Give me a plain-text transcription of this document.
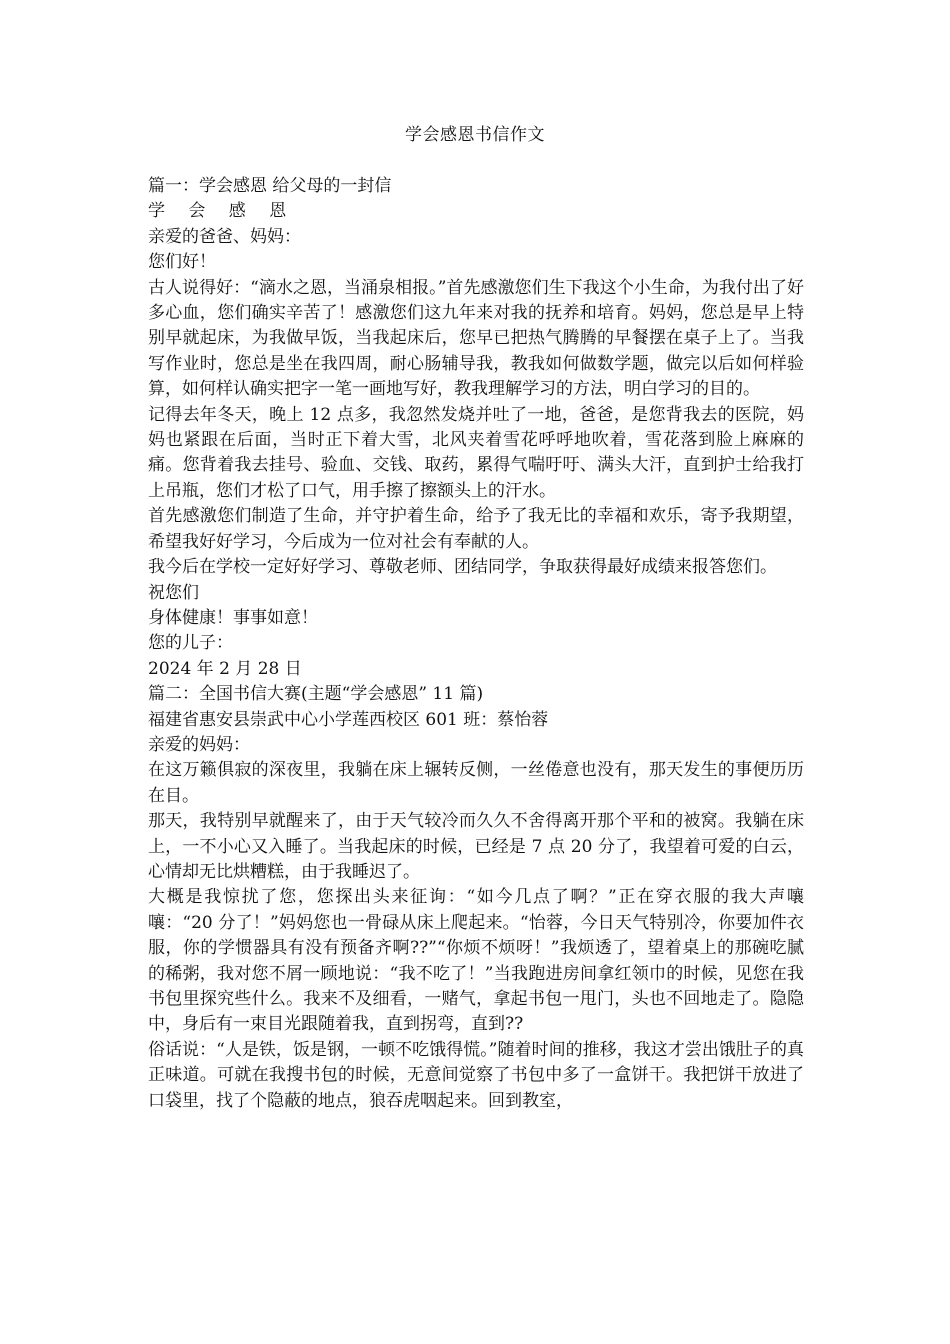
学会感恩书信作文

篇一：学会感恩 给父母的一封信

学 会 感 恩

亲爱的爸爸、妈妈：

您们好！

古人说得好：“滴水之恩，当涌泉相报。”首先感激您们生下我这个小生命，为我付出了好多心血，您们确实辛苦了！感激您们这九年来对我的抚养和培育。妈妈，您总是早上特别早就起床，为我做早饭，当我起床后，您早已把热气腾腾的早餐摆在桌子上了。当我写作业时，您总是坐在我四周，耐心肠辅导我，教我如何做数学题，做完以后如何样验算，如何样认确实把字一笔一画地写好，教我理解学习的方法，明白学习的目的。

记得去年冬天，晚上 12 点多，我忽然发烧并吐了一地，爸爸，是您背我去的医院，妈妈也紧跟在后面，当时正下着大雪，北风夹着雪花呼呼地吹着，雪花落到脸上麻麻的痛。您背着我去挂号、验血、交钱、取药，累得气喘吁吁、满头大汗，直到护士给我打上吊瓶，您们才松了口气，用手擦了擦额头上的汗水。

首先感激您们制造了生命，并守护着生命，给予了我无比的幸福和欢乐，寄予我期望，希望我好好学习，今后成为一位对社会有奉献的人。

我今后在学校一定好好学习、尊敬老师、团结同学，争取获得最好成绩来报答您们。

祝您们

身体健康！事事如意！

您的儿子：

2024 年 2 月 28 日

篇二：全国书信大赛(主题“学会感恩” 11 篇)

福建省惠安县崇武中心小学莲西校区 601 班：蔡怡蓉

亲爱的妈妈：

在这万籁俱寂的深夜里，我躺在床上辗转反侧，一丝倦意也没有，那天发生的事便历历在目。

那天，我特别早就醒来了，由于天气较冷而久久不舍得离开那个平和的被窝。我躺在床上，一不小心又入睡了。当我起床的时候，已经是 7 点 20 分了，我望着可爱的白云，心情却无比烘糟糕，由于我睡迟了。

大概是我惊扰了您，您探出头来征询：“如今几点了啊？”正在穿衣服的我大声嚷嚷：“20 分了！”妈妈您也一骨碌从床上爬起来。“怡蓉，今日天气特别冷，你要加件衣服，你的学惯器具有没有预备齐啊??”“你烦不烦呀！”我烦透了，望着桌上的那碗吃腻的稀粥，我对您不屑一顾地说：“我不吃了！”当我跑进房间拿红领巾的时候，见您在我书包里探究些什么。我来不及细看，一赌气，拿起书包一甩门，头也不回地走了。隐隐中，身后有一束目光跟随着我，直到拐弯，直到??

俗话说：“人是铁，饭是钢，一顿不吃饿得慌。”随着时间的推移，我这才尝出饿肚子的真正味道。可就在我搜书包的时候，无意间觉察了书包中多了一盒饼干。我把饼干放进了口袋里，找了个隐蔽的地点，狼吞虎咽起来。回到教室，
